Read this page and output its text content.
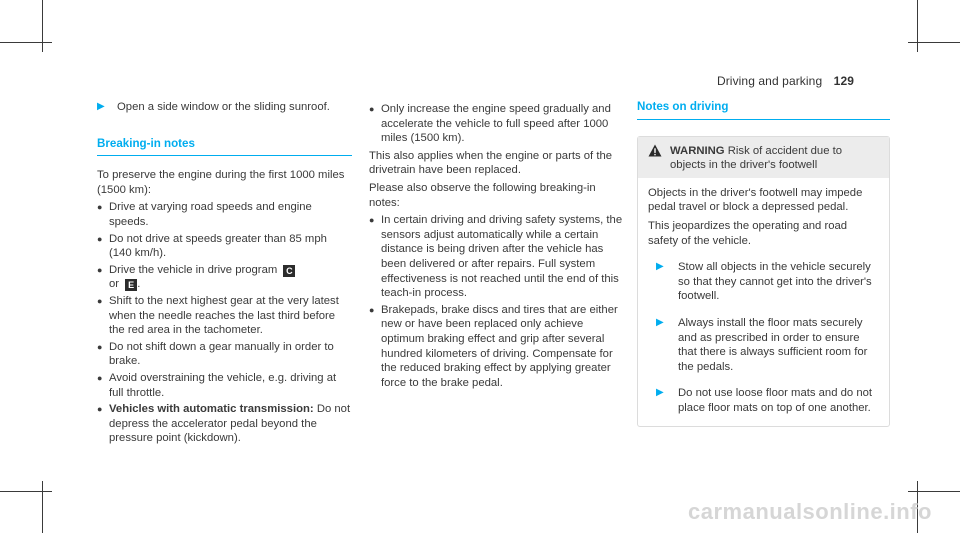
Driving and parking 129
▶	Open a side window or the sliding sunroof.
Breaking-in notes

To preserve the engine during the first 1000 miles (1500 km):

● Drive at varying road speeds and engine speeds.
● Do not drive at speeds greater than 85 mph (140 km/h).
● Drive the vehicle in drive program C
or E .
● Shift to the next highest gear at the very latest when the needle reaches the last third before the red area in the tachometer.
● Do not shift down a gear manually in order to brake.
● Avoid overstraining the vehicle, e.g. driving at full throttle.
● Vehicles with automatic transmission: Do not depress the accelerator pedal beyond the pressure point (kickdown).
● Only increase the engine speed gradually and accelerate the vehicle to full speed after 1000 miles (1500 km).

This also applies when the engine or parts of the drivetrain have been replaced.

Please also observe the following breaking-in notes:

● In certain driving and driving safety systems, the sensors adjust automatically while a certain distance is being driven after the vehicle has been delivered or after repairs. Full system effectiveness is not reached until the end of this teach-in process.
● Brakepads, brake discs and tires that are either new or have been replaced only achieve optimum braking effect and grip after several hundred kilometers of driving. Compensate for the reduced braking effect by applying greater force to the brake pedal.
Notes on driving
WARNING Risk of accident due to objects in the driver's footwell

Objects in the driver's footwell may impede pedal travel or block a depressed pedal.

This jeopardizes the operating and road safety of the vehicle.

▶	Stow all objects in the vehicle securely so that they cannot get into the driver's footwell.
▶	Always install the floor mats securely and as prescribed in order to ensure that there is always sufficient room for the pedals.
▶	Do not use loose floor mats and do not place floor mats on top of one another.
carmanualsonline.info
